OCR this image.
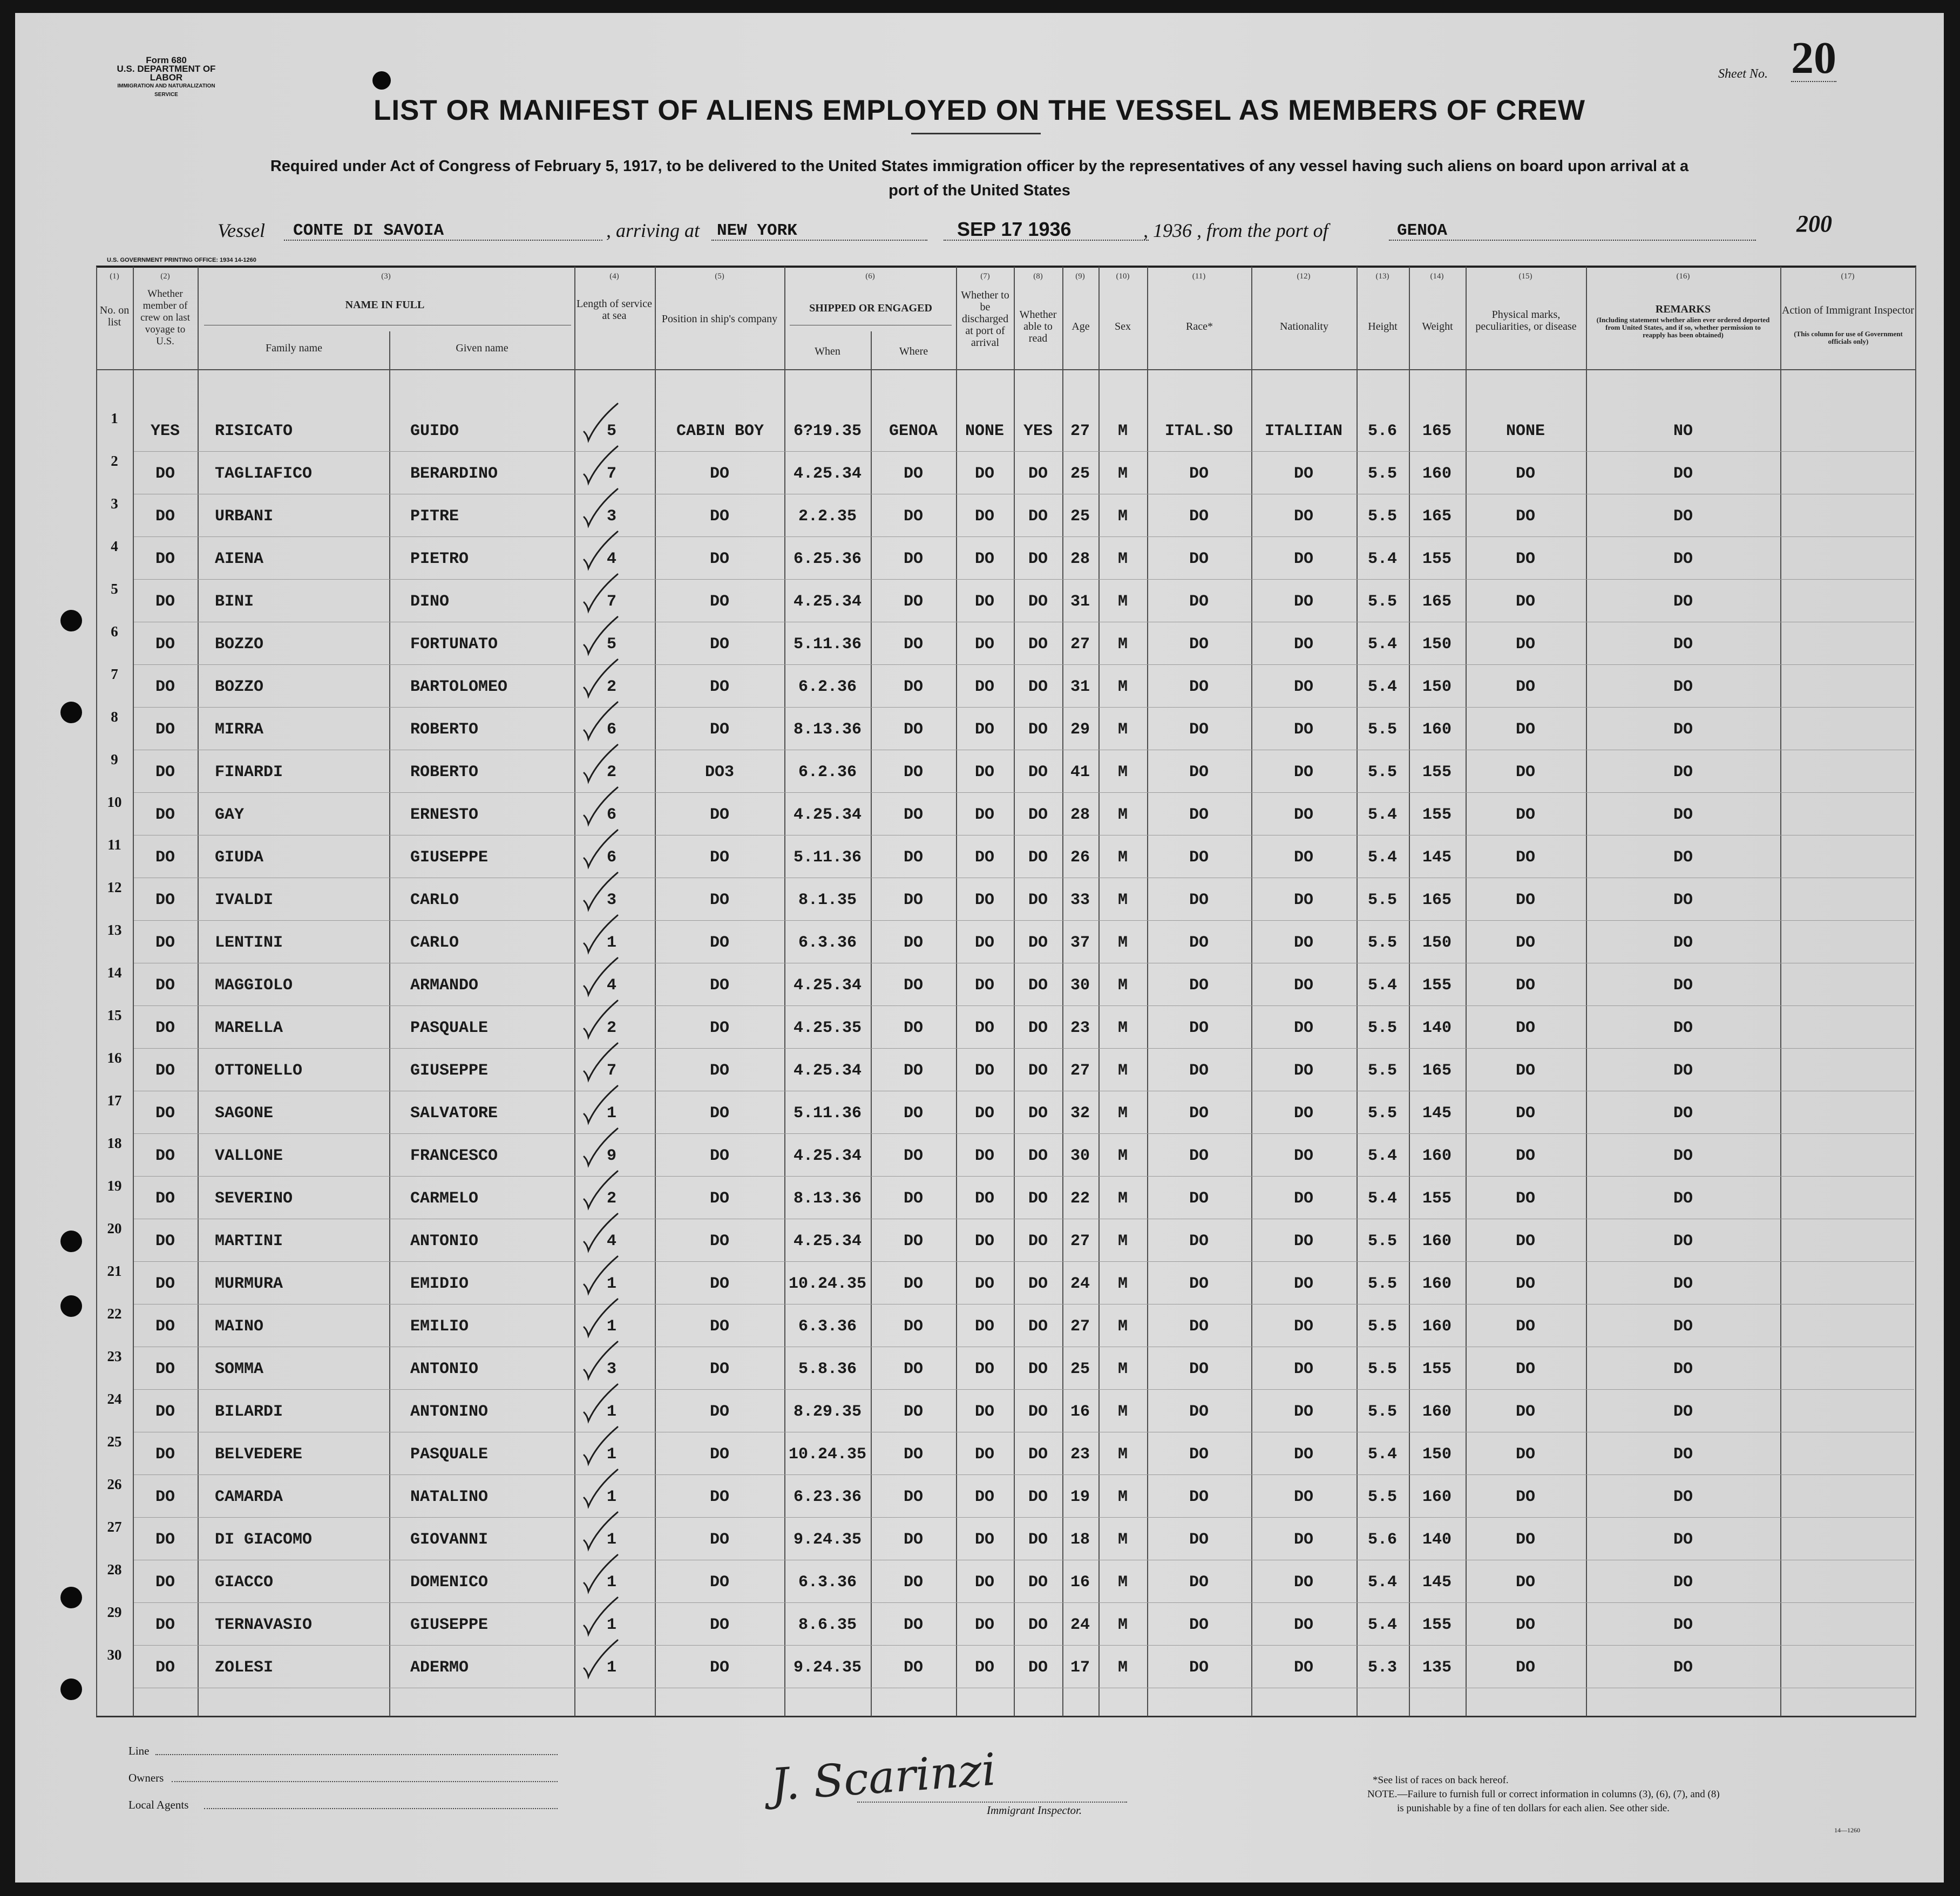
Form 680
U.S. DEPARTMENT OF LABOR
IMMIGRATION AND NATURALIZATION SERVICE
Sheet No. 20
LIST OR MANIFEST OF ALIENS EMPLOYED ON THE VESSEL AS MEMBERS OF CREW
Required under Act of Congress of February 5, 1917, to be delivered to the United States immigration officer by the representatives of any vessel having such aliens on board upon arrival at a
port of the United States
Vessel CONTE DI SAVOIA	, arriving at NEW YORK	SEP 17 1936	, 1936 , from the port of	GENOA	200
U.S. GOVERNMENT PRINTING OFFICE: 1934 14-1260
(1)	(2)	(3)	(4)	(5)	(6)	(7)	(8)	(9)	(10)	(11)	(12)	(13)	(14)	(15)	(16)	(17)
No. on list
Whether member of crew on last voyage to U.S.
NAME IN FULL
Family name	Given name
Length of service at sea	Position in ship's company
SHIPPED OR ENGAGED
When	Where
Whether to be discharged at port of arrival
Whether able to read
Age	Sex	Race*	Nationality	Height	Weight
Physical marks, peculiarities, or disease
REMARKS
(Including statement whether alien ever ordered deported from United States, and if so, whether permission to reapply has been obtained)
Action of Immigrant Inspector
(This column for use of Government officials only)
1
YES	RISICATO	GUIDO	5	CABIN BOY	6?19.35	GENOA	NONE	YES	27	M	ITAL.SO	ITALIIAN	5.6	165	NONE	NO
2
DO	TAGLIAFICO	BERARDINO	7	DO	4.25.34	DO	DO	DO	25	M	DO	DO	5.5	160	DO	DO
3
DO	URBANI	PITRE	3	DO	2.2.35	DO	DO	DO	25	M	DO	DO	5.5	165	DO	DO
4
DO	AIENA	PIETRO	4	DO	6.25.36	DO	DO	DO	28	M	DO	DO	5.4	155	DO	DO
5
DO	BINI	DINO	7	DO	4.25.34	DO	DO	DO	31	M	DO	DO	5.5	165	DO	DO
6
DO	BOZZO	FORTUNATO	5	DO	5.11.36	DO	DO	DO	27	M	DO	DO	5.4	150	DO	DO
7
DO	BOZZO	BARTOLOMEO	2	DO	6.2.36	DO	DO	DO	31	M	DO	DO	5.4	150	DO	DO
8
DO	MIRRA	ROBERTO	6	DO	8.13.36	DO	DO	DO	29	M	DO	DO	5.5	160	DO	DO
9
DO	FINARDI	ROBERTO	2	DO3	6.2.36	DO	DO	DO	41	M	DO	DO	5.5	155	DO	DO
10
DO	GAY	ERNESTO	6	DO	4.25.34	DO	DO	DO	28	M	DO	DO	5.4	155	DO	DO
11
DO	GIUDA	GIUSEPPE	6	DO	5.11.36	DO	DO	DO	26	M	DO	DO	5.4	145	DO	DO
12
DO	IVALDI	CARLO	3	DO	8.1.35	DO	DO	DO	33	M	DO	DO	5.5	165	DO	DO
13
DO	LENTINI	CARLO	1	DO	6.3.36	DO	DO	DO	37	M	DO	DO	5.5	150	DO	DO
14
DO	MAGGIOLO	ARMANDO	4	DO	4.25.34	DO	DO	DO	30	M	DO	DO	5.4	155	DO	DO
15
DO	MARELLA	PASQUALE	2	DO	4.25.35	DO	DO	DO	23	M	DO	DO	5.5	140	DO	DO
16
DO	OTTONELLO	GIUSEPPE	7	DO	4.25.34	DO	DO	DO	27	M	DO	DO	5.5	165	DO	DO
17
DO	SAGONE	SALVATORE	1	DO	5.11.36	DO	DO	DO	32	M	DO	DO	5.5	145	DO	DO
18
DO	VALLONE	FRANCESCO	9	DO	4.25.34	DO	DO	DO	30	M	DO	DO	5.4	160	DO	DO
19
DO	SEVERINO	CARMELO	2	DO	8.13.36	DO	DO	DO	22	M	DO	DO	5.4	155	DO	DO
20
DO	MARTINI	ANTONIO	4	DO	4.25.34	DO	DO	DO	27	M	DO	DO	5.5	160	DO	DO
21
DO	MURMURA	EMIDIO	1	DO	10.24.35	DO	DO	DO	24	M	DO	DO	5.5	160	DO	DO
22
DO	MAINO	EMILIO	1	DO	6.3.36	DO	DO	DO	27	M	DO	DO	5.5	160	DO	DO
23
DO	SOMMA	ANTONIO	3	DO	5.8.36	DO	DO	DO	25	M	DO	DO	5.5	155	DO	DO
24
DO	BILARDI	ANTONINO	1	DO	8.29.35	DO	DO	DO	16	M	DO	DO	5.5	160	DO	DO
25
DO	BELVEDERE	PASQUALE	1	DO	10.24.35	DO	DO	DO	23	M	DO	DO	5.4	150	DO	DO
26
DO	CAMARDA	NATALINO	1	DO	6.23.36	DO	DO	DO	19	M	DO	DO	5.5	160	DO	DO
27
DO	DI GIACOMO	GIOVANNI	1	DO	9.24.35	DO	DO	DO	18	M	DO	DO	5.6	140	DO	DO
28
DO	GIACCO	DOMENICO	1	DO	6.3.36	DO	DO	DO	16	M	DO	DO	5.4	145	DO	DO
29
DO	TERNAVASIO	GIUSEPPE	1	DO	8.6.35	DO	DO	DO	24	M	DO	DO	5.4	155	DO	DO
30
DO	ZOLESI	ADERMO	1	DO	9.24.35	DO	DO	DO	17	M	DO	DO	5.3	135	DO	DO
Line
Owners
Local Agents	J. Scarinzi
Immigrant Inspector.
*See list of races on back hereof.
NOTE.—Failure to furnish full or correct information in columns (3), (6), (7), and (8)
is punishable by a fine of ten dollars for each alien. See other side.
14—1260
